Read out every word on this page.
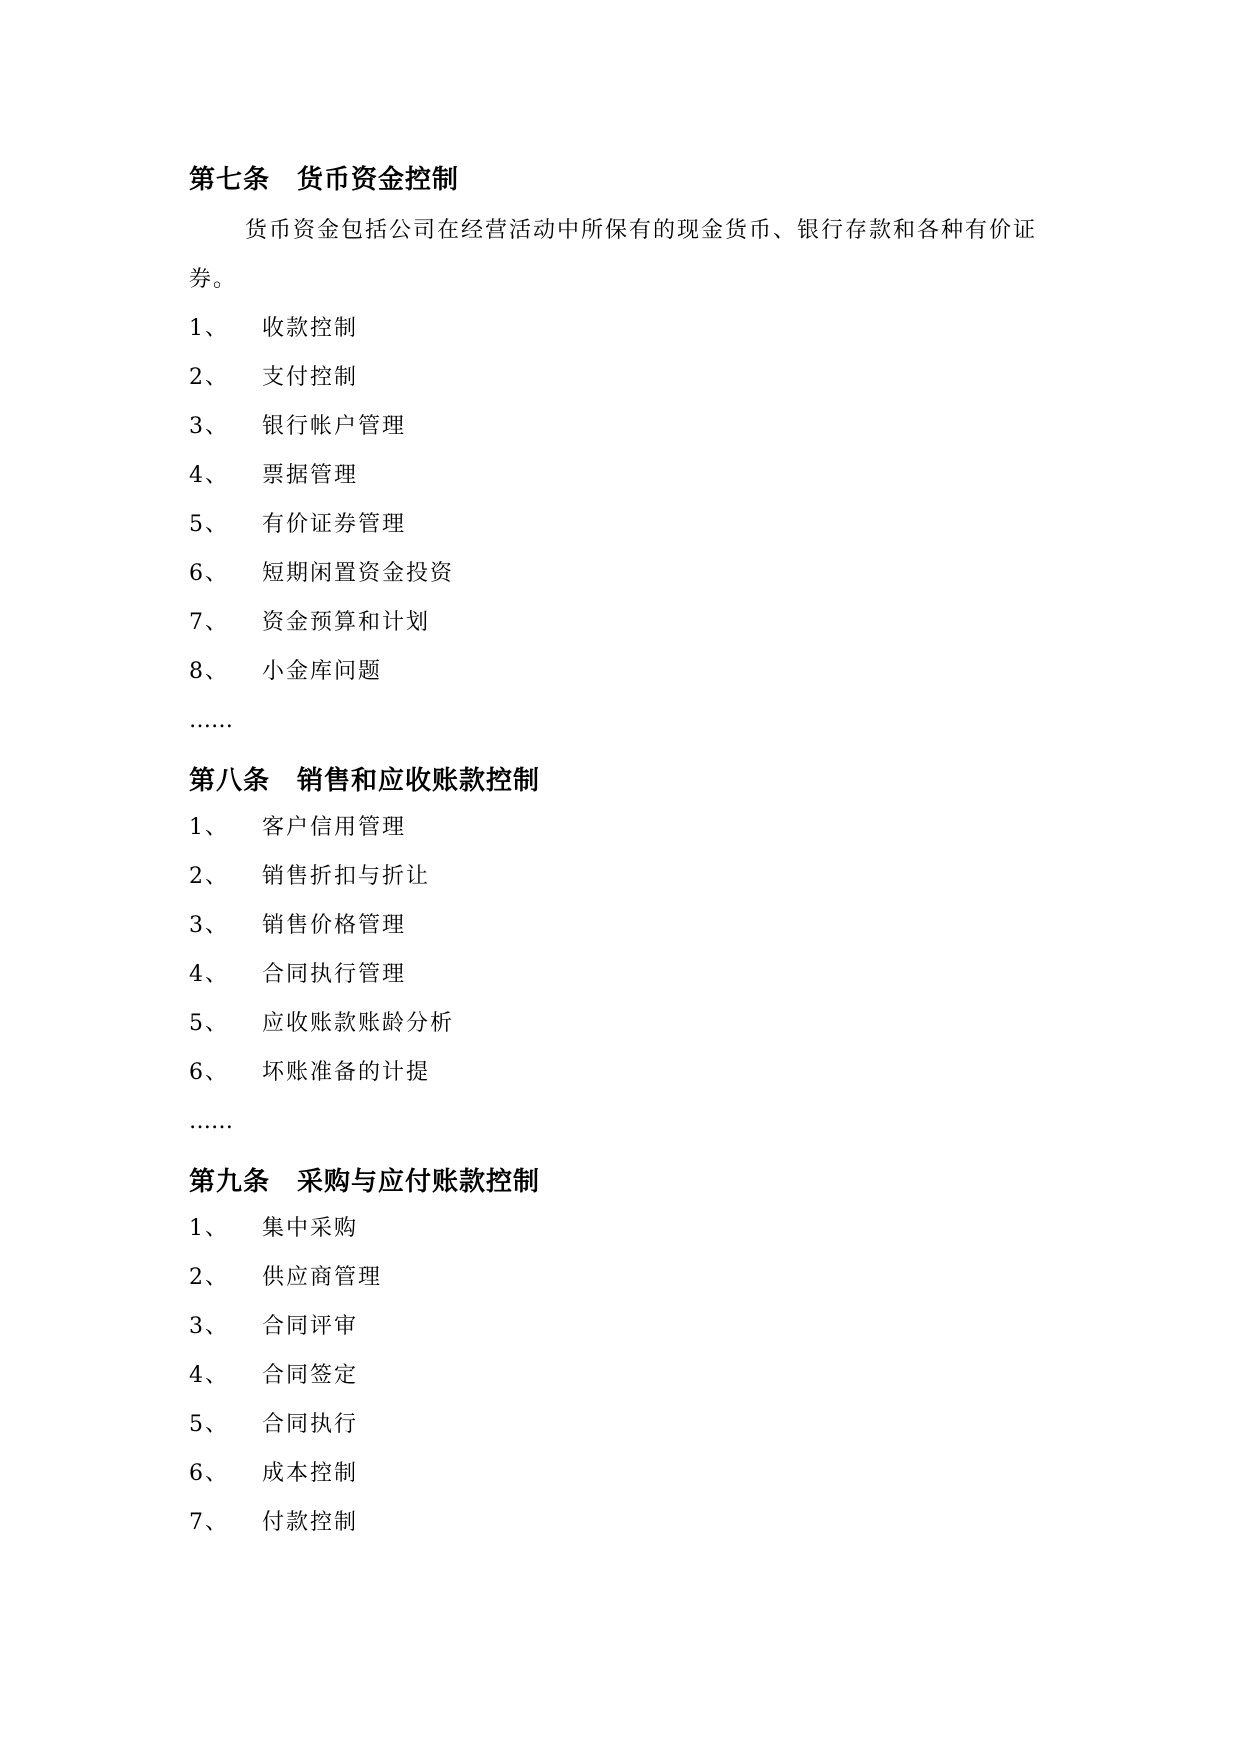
第七条　货币资金控制

货币资金包括公司在经营活动中所保有的现金货币、银行存款和各种有价证券。

1、 收款控制
2、 支付控制
3、 银行帐户管理
4、 票据管理
5、 有价证券管理
6、 短期闲置资金投资
7、 资金预算和计划
8、 小金库问题

……

第八条　销售和应收账款控制
1、 客户信用管理
2、 销售折扣与折让
3、 销售价格管理
4、 合同执行管理
5、 应收账款账龄分析
6、 坏账准备的计提

……

第九条　采购与应付账款控制
1、 集中采购
2、 供应商管理
3、 合同评审
4、 合同签定
5、 合同执行
6、 成本控制
7、 付款控制
